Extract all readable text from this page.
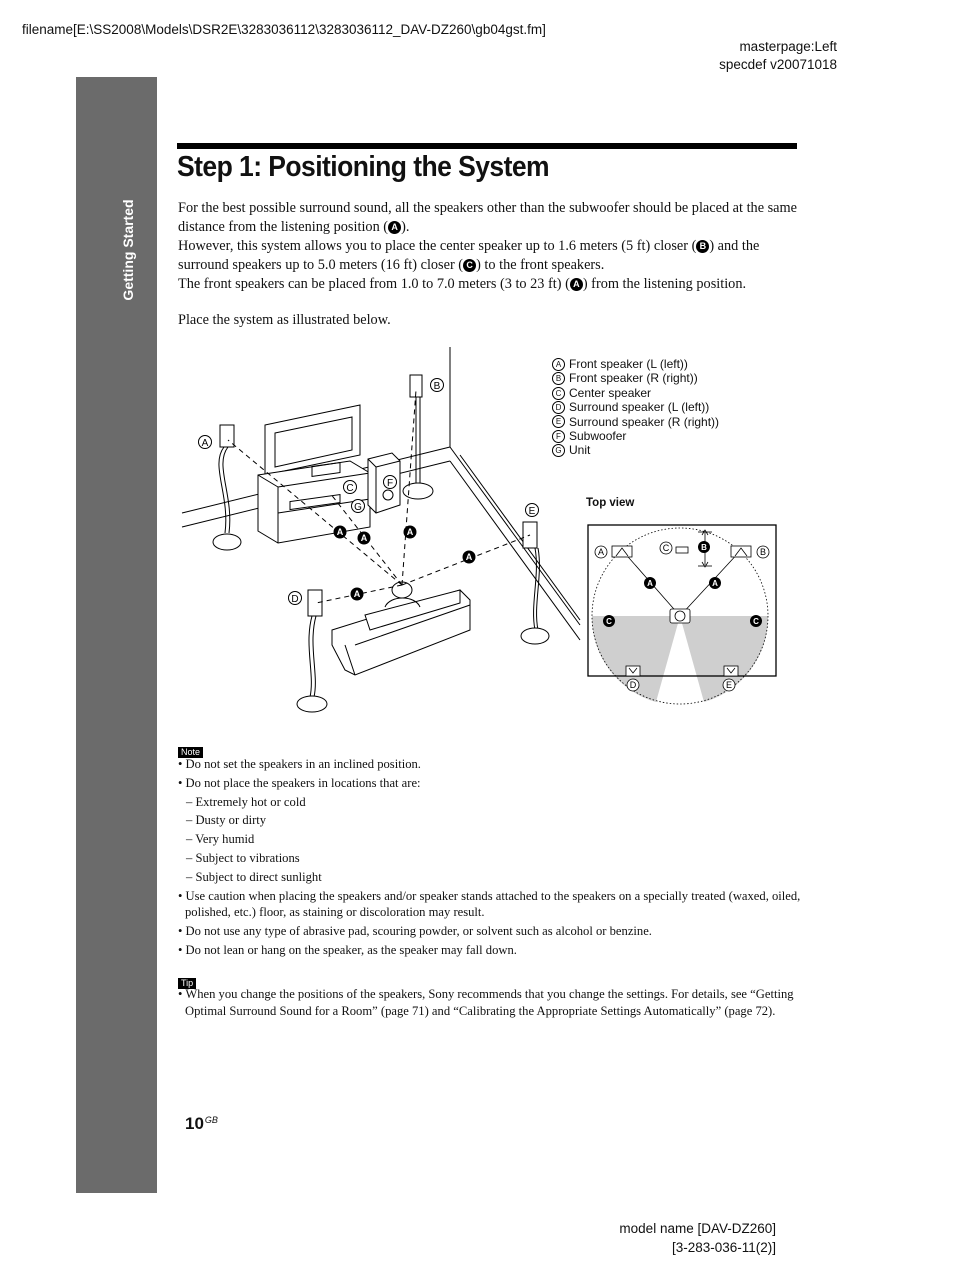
filename[E:\SS2008\Models\DSR2E\3283036112\3283036112_DAV-DZ260\gb04gst.fm]
masterpage:Left
specdef v20071018
Getting Started
Step 1: Positioning the System

For the best possible surround sound, all the speakers other than the subwoofer should be placed at the same distance from the listening position ( A ).

However, this system allows you to place the center speaker up to 1.6 meters (5 ft) closer ( B ) and the surround speakers up to 5.0 meters (16 ft) closer ( C ) to the front speakers.

The front speakers can be placed from 1.0 to 7.0 meters (3 to 23 ft) ( A ) from the listening position.

Place the system as illustrated below.
B
A
C	F
G	E
D
A
A
A
A
A
A	B
C
D	E
B
A	A
C	C
A Front speaker (L (left))
B Front speaker (R (right))
C Center speaker
D Surround speaker (L (left))
E Surround speaker (R (right))
F Subwoofer
G Unit
Top view
Note
• Do not set the speakers in an inclined position.
• Do not place the speakers in locations that are:
– Extremely hot or cold
– Dusty or dirty
– Very humid
– Subject to vibrations
– Subject to direct sunlight
• Use caution when placing the speakers and/or speaker stands attached to the speakers on a specially treated (waxed, oiled, polished, etc.) floor, as staining or discoloration may result.
• Do not use any type of abrasive pad, scouring powder, or solvent such as alcohol or benzine.
• Do not lean or hang on the speaker, as the speaker may fall down.
Tip
• When you change the positions of the speakers, Sony recommends that you change the settings. For details, see “Getting Optimal Surround Sound for a Room” (page 71) and “Calibrating the Appropriate Settings Automatically” (page 72).
$10^{GB}$
model name [DAV-DZ260]
[3-283-036-11(2)]
